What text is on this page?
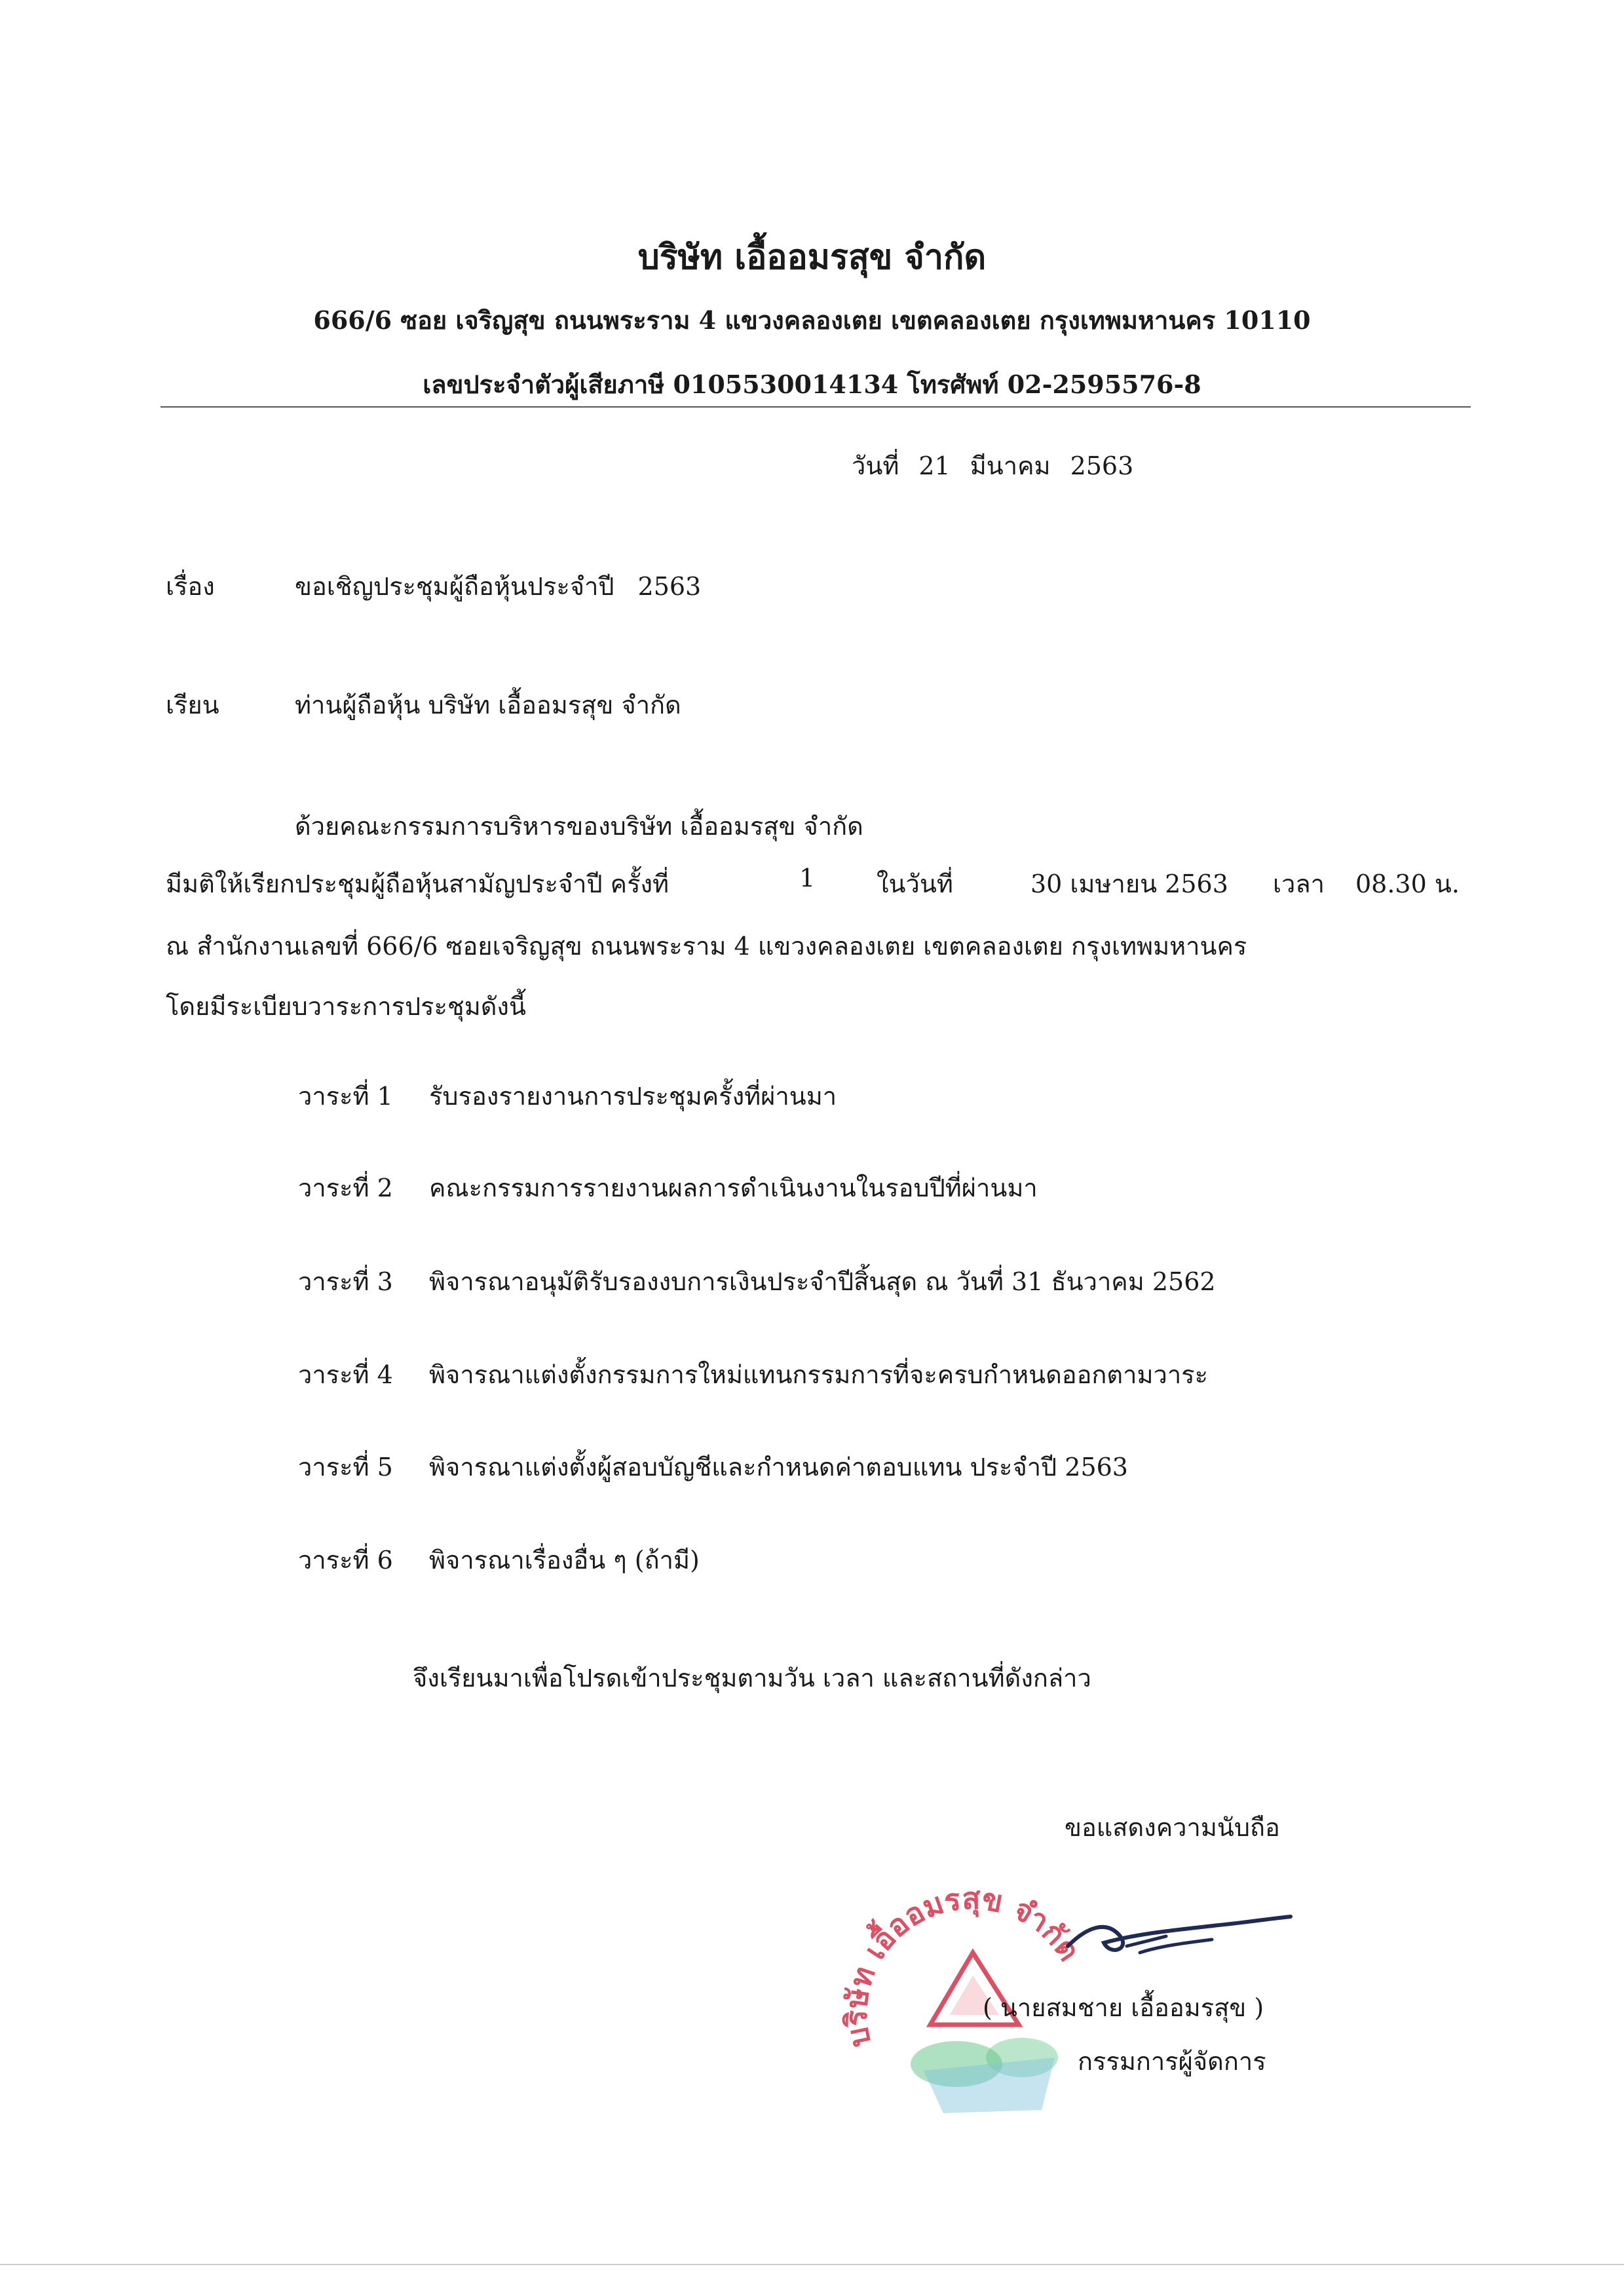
บริษัท เอื้ออมรสุข จำกัด
666/6 ซอย เจริญสุข ถนนพระราม 4 แขวงคลองเตย เขตคลองเตย กรุงเทพมหานคร 10110
เลขประจำตัวผู้เสียภาษี 0105530014134 โทรศัพท์ 02-2595576-8
วันที่ 21 มีนาคม 2563
เรื่อง	ขอเชิญประชุมผู้ถือหุ้นประจำปี 2563
เรียน	ท่านผู้ถือหุ้น บริษัท เอื้ออมรสุข จำกัด
ด้วยคณะกรรมการบริหารของบริษัท เอื้ออมรสุข จำกัด
มีมติให้เรียกประชุมผู้ถือหุ้นสามัญประจำปี ครั้งที่	1 ในวันที่	30 เมษายน 2563 เวลา 08.30 น.
ณ สำนักงานเลขที่ 666/6 ซอยเจริญสุข ถนนพระราม 4 แขวงคลองเตย เขตคลองเตย กรุงเทพมหานคร
โดยมีระเบียบวาระการประชุมดังนี้
วาระที่ 1 รับรองรายงานการประชุมครั้งที่ผ่านมา
วาระที่ 2 คณะกรรมการรายงานผลการดำเนินงานในรอบปีที่ผ่านมา
วาระที่ 3 พิจารณาอนุมัติรับรองงบการเงินประจำปีสิ้นสุด ณ วันที่ 31 ธันวาคม 2562
วาระที่ 4 พิจารณาแต่งตั้งกรรมการใหม่แทนกรรมการที่จะครบกำหนดออกตามวาระ
วาระที่ 5 พิจารณาแต่งตั้งผู้สอบบัญชีและกำหนดค่าตอบแทน ประจำปี 2563
วาระที่ 6 พิจารณาเรื่องอื่น ๆ (ถ้ามี)
จึงเรียนมาเพื่อโปรดเข้าประชุมตามวัน เวลา และสถานที่ดังกล่าว
ขอแสดงความนับถือ
บริษัท เอื้ออมรสุข จำกัด
( นายสมชาย เอื้ออมรสุข )
กรรมการผู้จัดการ
